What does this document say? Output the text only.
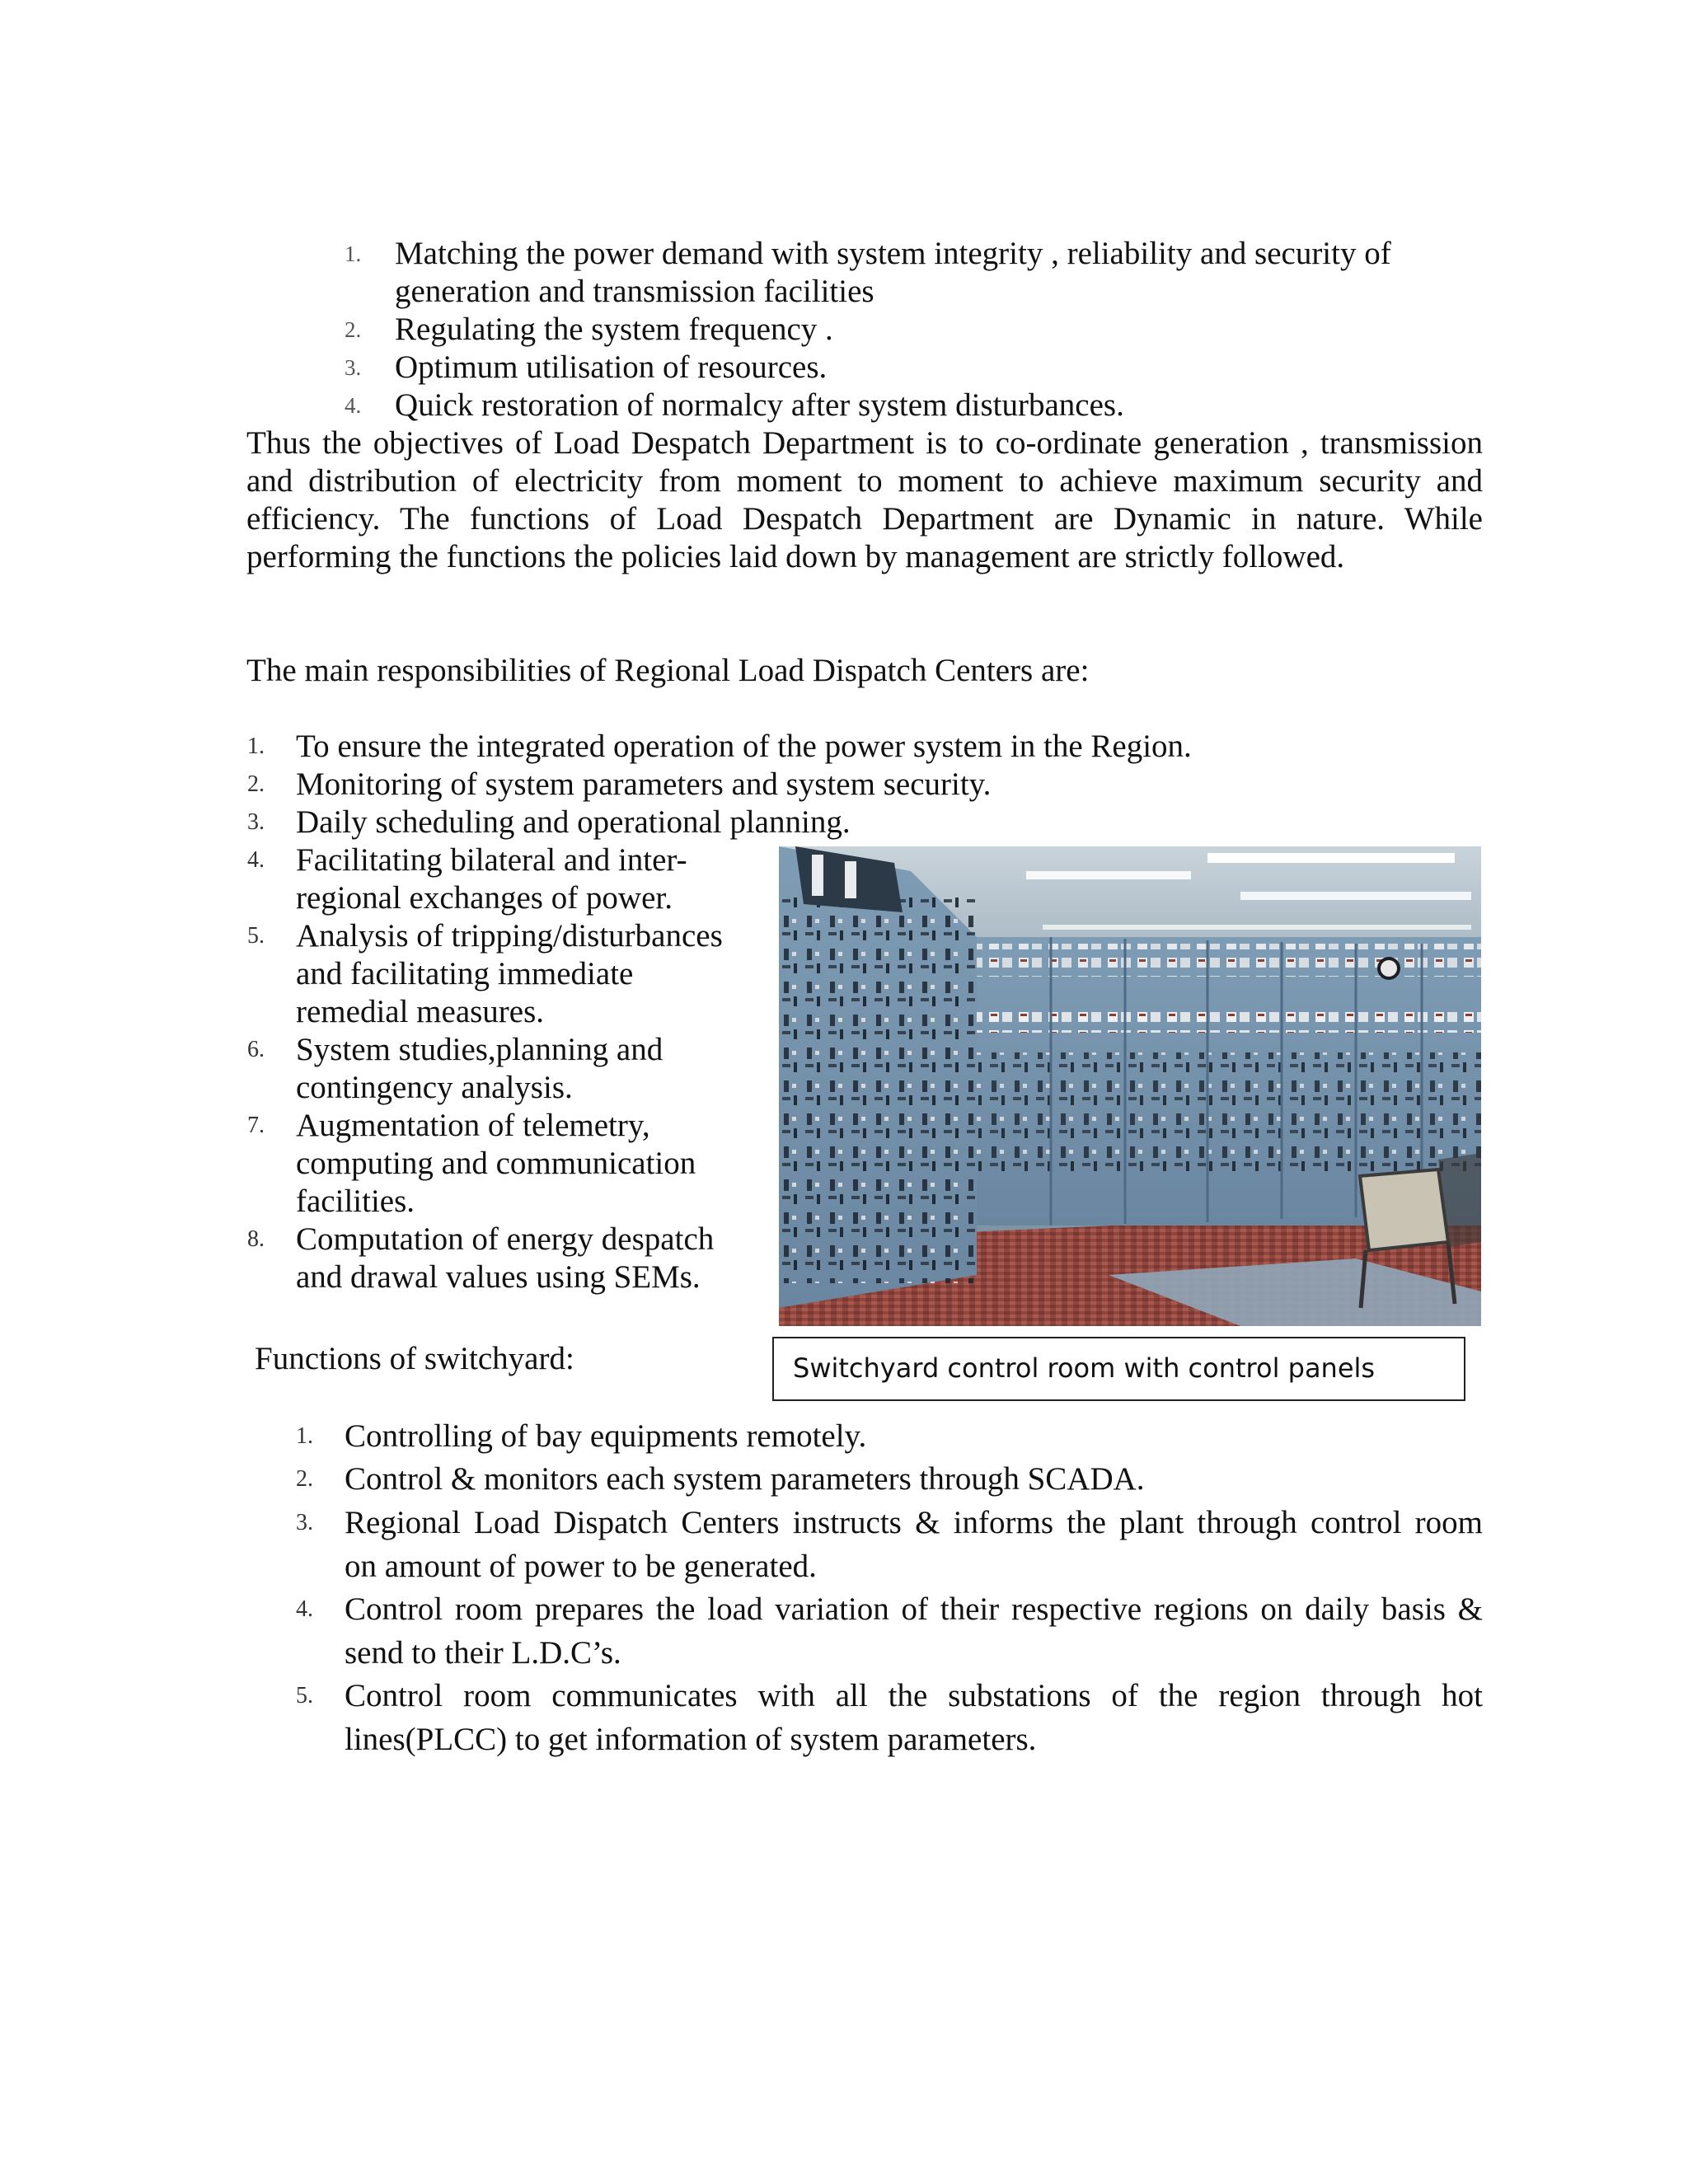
1. Matching the power demand with system integrity , reliability and security of
generation and transmission facilities
2. Regulating the system frequency .
3. Optimum utilisation of resources.
4. Quick restoration of normalcy after system disturbances.
Thus the objectives of Load Despatch Department is to co-ordinate generation , transmission
and distribution of electricity from moment to moment to achieve maximum security and
efficiency. The functions of Load Despatch Department are Dynamic in nature. While
performing the functions the policies laid down by management are strictly followed.
The main responsibilities of Regional Load Dispatch Centers are:
1. To ensure the integrated operation of the power system in the Region.
2. Monitoring of system parameters and system security.
3. Daily scheduling and operational planning.
4. Facilitating bilateral and inter-
regional exchanges of power.
5. Analysis of tripping/disturbances
and facilitating immediate
remedial measures.
6. System studies,planning and
contingency analysis.
7. Augmentation of telemetry,
computing and communication
facilities.
8. Computation of energy despatch
and drawal values using SEMs.
Switchyard control room with control panels
Functions of switchyard:
1. Controlling of bay equipments remotely.
2. Control & monitors each system parameters through SCADA.
3. Regional Load Dispatch Centers instructs & informs the plant through control room
on amount of power to be generated.
4. Control room prepares the load variation of their respective regions on daily basis &
send to their L.D.C’s.
5. Control room communicates with all the substations of the region through hot
lines(PLCC) to get information of system parameters.
